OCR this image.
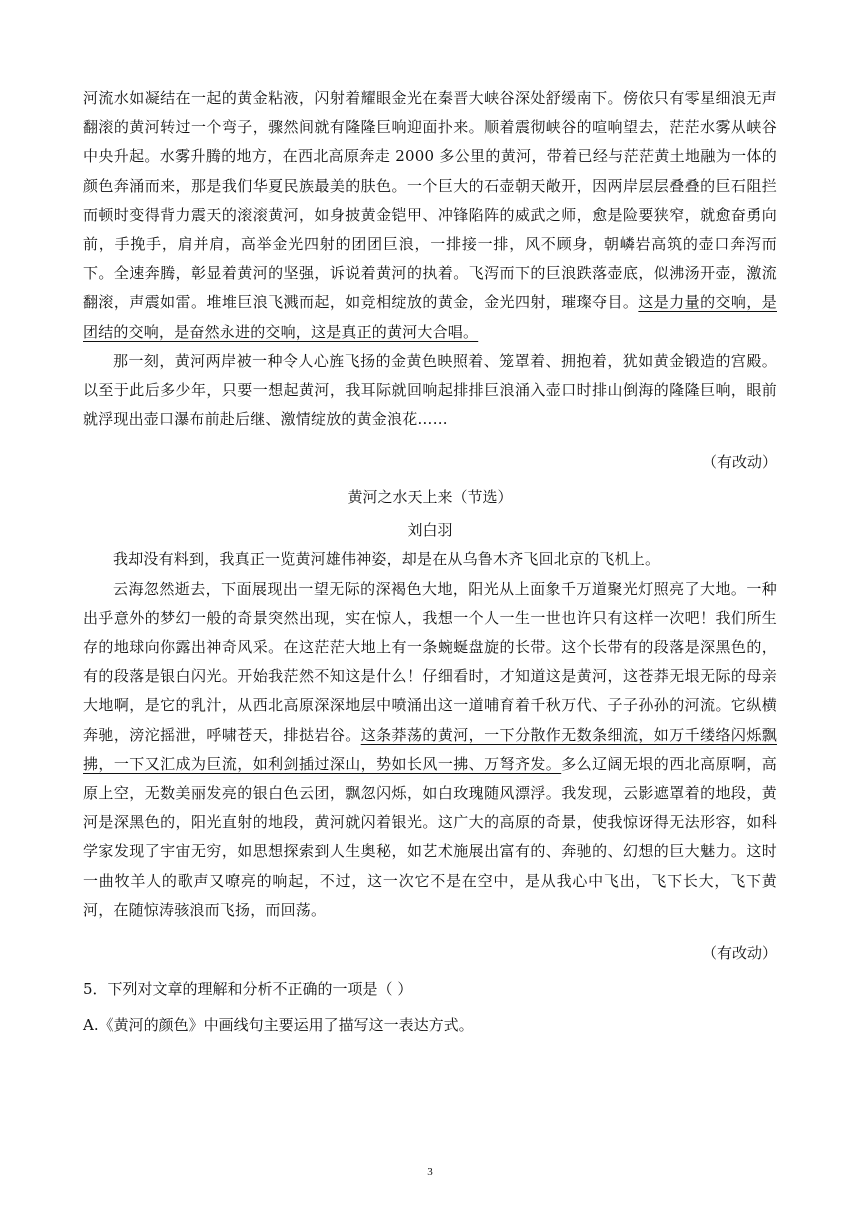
河流水如凝结在一起的黄金粘液，闪射着耀眼金光在秦晋大峡谷深处舒缓南下。傍依只有零星细浪无声翻滚的黄河转过一个弯子，骤然间就有隆隆巨响迎面扑来。顺着震彻峡谷的喧响望去，茫茫水雾从峡谷中央升起。水雾升腾的地方，在西北高原奔走 2000 多公里的黄河，带着已经与茫茫黄土地融为一体的颜色奔涌而来，那是我们华夏民族最美的肤色。一个巨大的石壶朝天敞开，因两岸层层叠叠的巨石阻拦而顿时变得背力震天的滚滚黄河，如身披黄金铠甲、冲锋陷阵的威武之师，愈是险要狭窄，就愈奋勇向前，手挽手，肩并肩，高举金光四射的团团巨浪，一排接一排，风不顾身，朝嶙岩高筑的壶口奔泻而下。全速奔腾，彰显着黄河的坚强，诉说着黄河的执着。飞泻而下的巨浪跌落壶底，似沸汤开壶，激流翻滚，声震如雷。堆堆巨浪飞溅而起，如竞相绽放的黄金，金光四射，璀璨夺目。这是力量的交响，是团结的交响，是奋然永进的交响，这是真正的黄河大合唱。

那一刻，黄河两岸被一种令人心旌飞扬的金黄色映照着、笼罩着、拥抱着，犹如黄金锻造的宫殿。以至于此后多少年，只要一想起黄河，我耳际就回响起排排巨浪涌入壶口时排山倒海的隆隆巨响，眼前就浮现出壶口瀑布前赴后继、激情绽放的黄金浪花……

（有改动）

黄河之水天上来（节选）

刘白羽

我却没有料到，我真正一览黄河雄伟神姿，却是在从乌鲁木齐飞回北京的飞机上。

云海忽然逝去，下面展现出一望无际的深褐色大地，阳光从上面象千万道聚光灯照亮了大地。一种出乎意外的梦幻一般的奇景突然出现，实在惊人，我想一个人一生一世也许只有这样一次吧！我们所生存的地球向你露出神奇风采。在这茫茫大地上有一条蜿蜒盘旋的长带。这个长带有的段落是深黑色的，有的段落是银白闪光。开始我茫然不知这是什么！仔细看时，才知道这是黄河，这苍莽无垠无际的母亲大地啊，是它的乳汁，从西北高原深深地层中喷涌出这一道哺育着千秋万代、子子孙孙的河流。它纵横奔驰，滂沱摇泄，呼啸苍天，排挞岩谷。这条莽荡的黄河，一下分散作无数条细流，如万千缕络闪烁飘拂，一下又汇成为巨流，如利剑插过深山，势如长风一拂、万弩齐发。多么辽阔无垠的西北高原啊，高原上空，无数美丽发亮的银白色云团，飘忽闪烁，如白玫瑰随风漂浮。我发现，云影遮罩着的地段，黄河是深黑色的，阳光直射的地段，黄河就闪着银光。这广大的高原的奇景，使我惊讶得无法形容，如科学家发现了宇宙无穷，如思想探索到人生奥秘，如艺术施展出富有的、奔驰的、幻想的巨大魅力。这时一曲牧羊人的歌声又嘹亮的响起，不过，这一次它不是在空中，是从我心中飞出，飞下长大，飞下黄河，在随惊涛骇浪而飞扬，而回荡。

（有改动）

5．下列对文章的理解和分析不正确的一项是（ ）

A.《黄河的颜色》中画线句主要运用了描写这一表达方式。

3
